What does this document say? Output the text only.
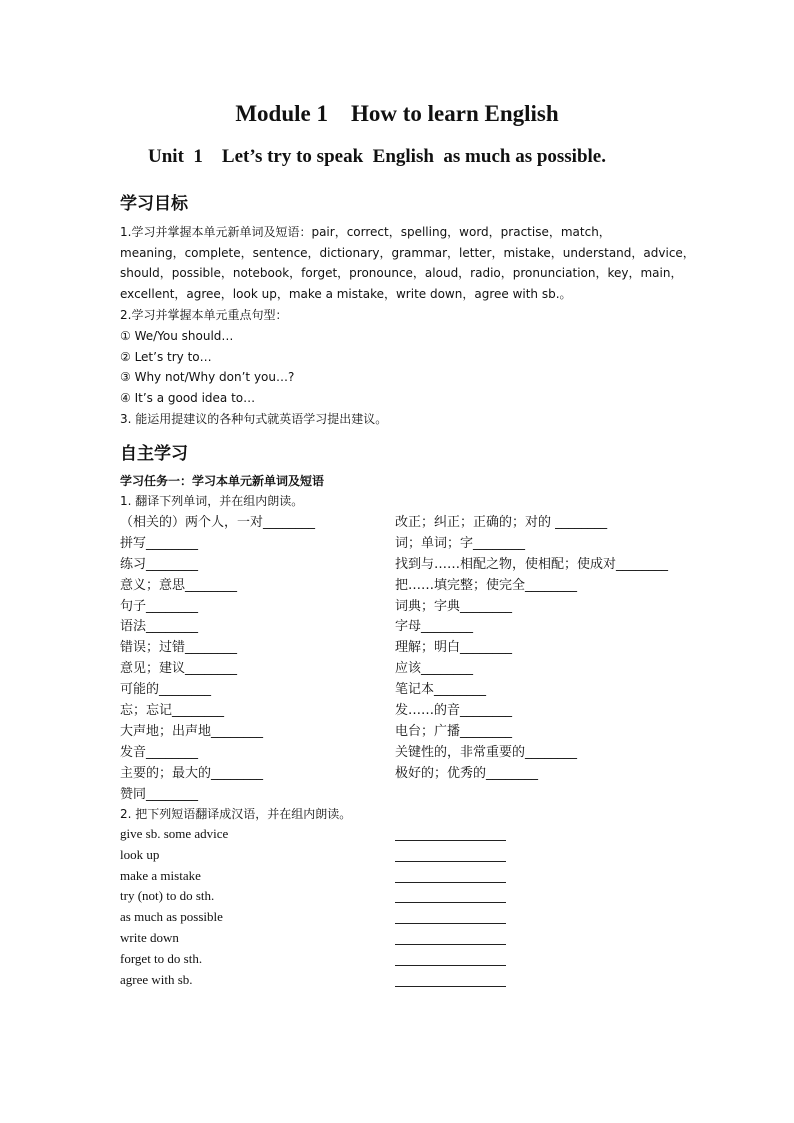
Module 1    How to learn English
Unit  1    Let’s try to speak  English  as much as possible.
学习目标
1.学习并掌握本单元新单词及短语：pair，correct，spelling，word，practise，match，
meaning，complete，sentence，dictionary，grammar，letter，mistake，understand，advice，
should，possible，notebook，forget，pronounce，aloud，radio，pronunciation，key，main，
excellent，agree，look up，make a mistake，write down，agree with sb.。
2.学习并掌握本单元重点句型：
① We/You should…
② Let’s try to…
③ Why not/Why don’t you…?
④ It’s a good idea to…
3. 能运用提建议的各种句式就英语学习提出建议。
自主学习
学习任务一：学习本单元新单词及短语
1. 翻译下列单词，并在组内朗读。
（相关的）两个人，一对________
拼写________
练习________
意义；意思________
句子________
语法________
错误；过错________
意见；建议________
可能的________
忘；忘记________
大声地；出声地________
发音________
主要的；最大的________
赞同________
改正；纠正；正确的；对的 ________
词；单词；字________
找到与……相配之物，使相配；使成对________
把……填完整；使完全________
词典；字典________
字母________
理解；明白________
应该________
笔记本________
发……的音________
电台；广播________
关键性的，非常重要的________
极好的；优秀的________
2. 把下列短语翻译成汉语，并在组内朗读。
give sb. some advice
look up
make a mistake
try (not) to do sth.
as much as possible
write down
forget to do sth.
agree with sb.
